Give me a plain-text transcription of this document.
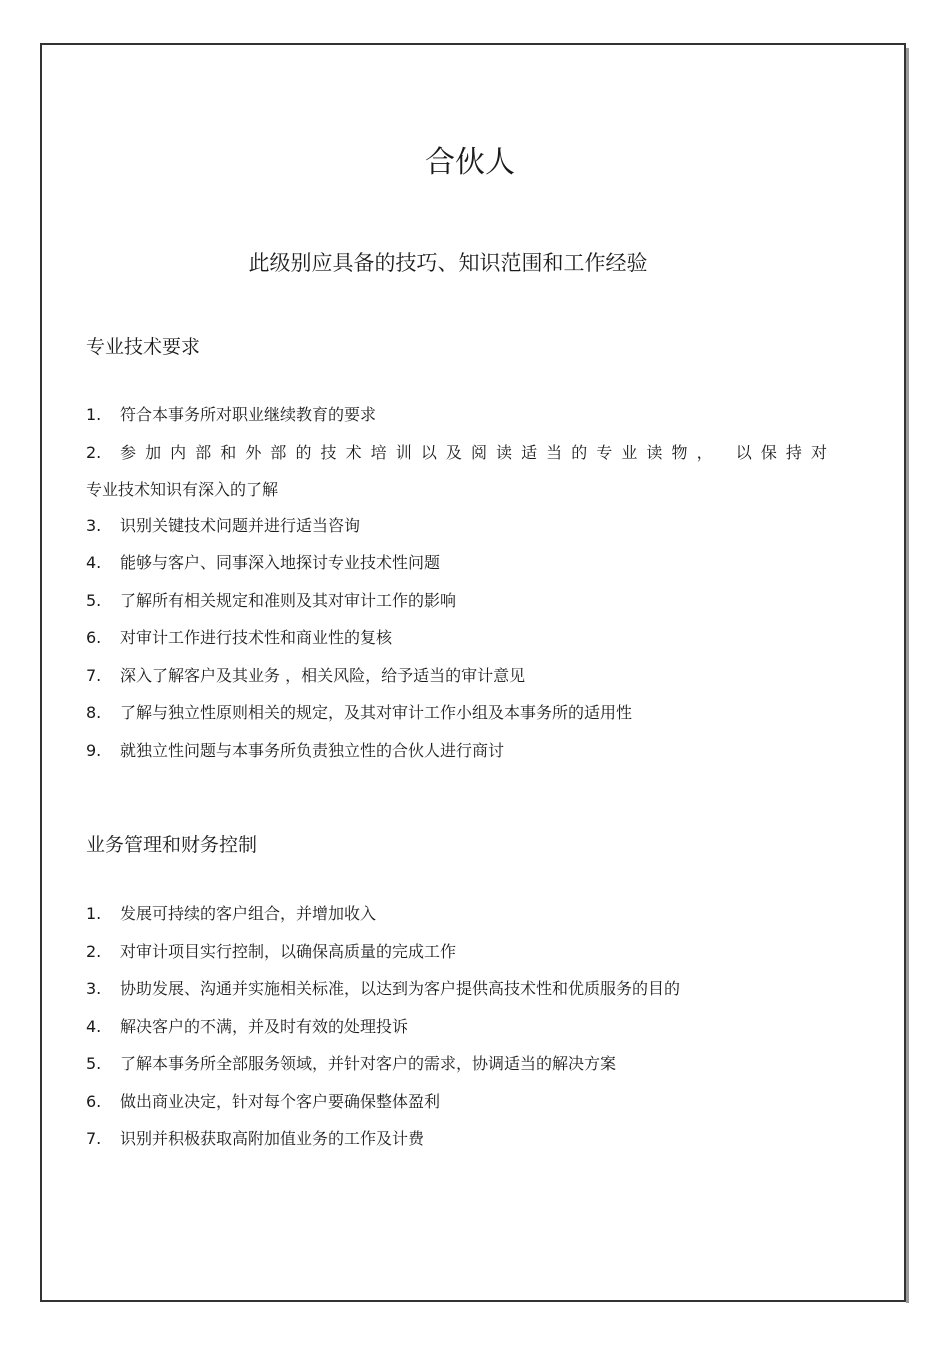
合伙人
此级别应具备的技巧、知识范围和工作经验
专业技术要求
1.	符合本事务所对职业继续教育的要求
2.	参加内部和外部的技术培训以及阅读适当的专业读物， 以保持对
专业技术知识有深入的了解
3.	识别关键技术问题并进行适当咨询
4.	能够与客户、同事深入地探讨专业技术性问题
5.	了解所有相关规定和准则及其对审计工作的影响
6.	对审计工作进行技术性和商业性的复核
7.	深入了解客户及其业务 ，相关风险，给予适当的审计意见
8.	了解与独立性原则相关的规定，及其对审计工作小组及本事务所的适用性
9.	就独立性问题与本事务所负责独立性的合伙人进行商讨
业务管理和财务控制
1.	发展可持续的客户组合，并增加收入
2.	对审计项目实行控制，以确保高质量的完成工作
3.	协助发展、沟通并实施相关标准，以达到为客户提供高技术性和优质服务的目的
4.	解决客户的不满，并及时有效的处理投诉
5.	了解本事务所全部服务领域，并针对客户的需求，协调适当的解决方案
6.	做出商业决定，针对每个客户要确保整体盈利
7.	识别并积极获取高附加值业务的工作及计费
